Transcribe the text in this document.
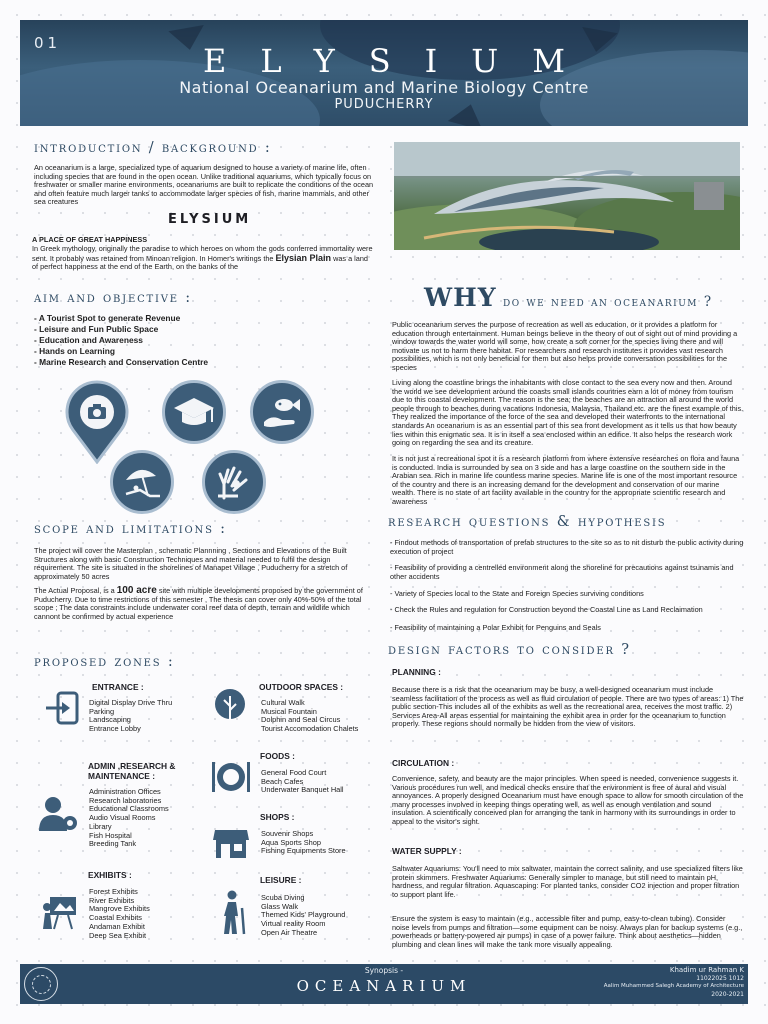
01	ELYSIUM
National Oceanarium and Marine Biology Centre
PUDUCHERRY
introduction / background :
An oceanarium is a large, specialized type of aquarium designed to house a variety of marine life, often including species that are found in the open ocean. Unlike traditional aquariums, which typically focus on freshwater or smaller marine environments, oceanariums are built to replicate the conditions of the ocean and often feature much larger tanks to accommodate larger species of fish, marine mammals, and other sea creatures
ELYSIUM
A PLACE OF GREAT HAPPINESS
In Greek mythology, originally the paradise to which heroes on whom the gods conferred immortality were sent. It probably was retained from Minoan religion. In Homer's writings the Elysian Plain was a land of perfect happiness at the end of the Earth, on the banks of the
aim and objective :
- A Tourist Spot to generate Revenue
- Leisure and Fun Public Space
- Education and Awareness
- Hands on Learning
- Marine Research and Conservation Centre
scope and limitations :
The project will cover the Masterplan , schematic Plannning , Sections and Elevations of the Built Structures along with basic Construction Techniques and material needed to fulfil the design requirement. The site is situated in the shorelines of Manapet Village , Puducherry for a stretch of approximately 50 acres
The Actual Proposal, is a 100 acre site with multiple developments proposed by the government of Puducherry. Due to time restrictions of this semester , The thesis can cover only 40%-50% of the total scope ; The data constraints include underwater coral reef data of depth, terrain and wildlife which cannont be confirmed by actual experience
proposed zones :
ENTRANCE :
Digital Display Drive Thru
Parking
Landscaping
Entrance Lobby
ADMIN ,RESEARCH &
MAINTENANCE :
Administration Offices
Research laboratories
Educational Classrooms
Audio Visual Rooms
Library
Fish Hospital
Breeding Tank
EXHIBITS :
Forest Exhibits
River Exhibits
Mangrove Exhibits
Coastal Exhibits
Andaman Exhibit
Deep Sea Exhibit
OUTDOOR SPACES :
Cultural Walk
Musical Fountain
Dolphin and Seal Circus
Tourist Accomodation Chalets
FOODS :
General Food Court
Beach Cafes
Underwater Banquet Hall
SHOPS :
Souvenir Shops
Aqua Sports Shop
Fishing Equipments Store
LEISURE :
Scuba Diving
Glass Walk
Themed Kids' Playground
Virtual reality Room
Open Air Theatre
WHY do we need an oceanarium ?
Public oceanarium serves the purpose of recreation as well as education, or it provides a platform for education through entertainment. Human beings believe in the theory of out of sight out of mind providing a window towards the water world will some, how create a soft corner for the species living there and will motivate us not to harm there habitat. For researchers and research institutes it provides vast research possibilities, which is not only beneficial for them but also helps provide conversation possibilities for the species
Living along the coastline brings the inhabitants with close contact to the sea every now and then. Around the world we see development around the coasts small islands countries earn a lot of money from tourism due to this coastal development. The reason is the sea; the beaches are an attraction all around the world people through to beaches during vacations Indonesia, Malaysia, Thailand etc. are the finest example of this. They realized the importance of the force of the sea and developed their waterfronts to the international standards An oceanarium is as an essential part of this sea front development as it tells us that how beauty lies within this enigmatic sea. It is in itself a sea enclosed within an edifice. It also helps the research work going on regarding the sea and its creature.
It is not just a recreational spot it is a research platform from where extensive researches on flora and fauna is conducted. India is surrounded by sea on 3 side and has a large coastline on the southern side in the Arabian sea. Rich in marine life countless marine species. Marine life is one of the most important resource of the country and there is an increasing demand for the development and conservation of our marine wealth. There is no state of art facility available in the country for the appropriate scientific research and awareness
research questions & hypothesis
- Findout methods of transportation of prefab structures to the site so as to nit disturb the public activity during execution of project
- Feasibility of providing a centrelled environment along the shoreline for precautions against tsunamis and other accidents
- Variety of Species local to the State and Foreign Species surviving conditions
- Check the Rules and regulation for Construction beyond the Coastal Line as Land Reclaimation
- Feasibility of maintaining a Polar Exhibit for Penguins and Seals
design factors to consider ?
PLANNING :
Because there is a risk that the oceanarium may be busy, a well-designed oceanarium must include seamless facilitation of the process as well as fluid circulation of people. There are two types of areas: 1) The public section-This includes all of the exhibits as well as the recreational area, receives the most traffic. 2) Services Area-All areas essential for maintaining the exhibit area in order for the oceanarium to function properly. These regions should normally be hidden from the view of visitors.
CIRCULATION :
Convenience, safety, and beauty are the major principles. When speed is needed, convenience suggests it. Various procedures run well, and medical checks ensure that the environment is free of aural and visual annoyances. A properly designed Oceanarium must have enough space to allow for smooth circulation of the many processes involved in keeping things operating well, as well as enough ventilation and sound insulation. A scientifically conceived plan for arranging the tank in harmony with its surroundings in order to appeal to the visitor's sight.
WATER SUPPLY :
Saltwater Aquariums: You'll need to mix saltwater, maintain the correct salinity, and use specialized filters like protein skimmers. Freshwater Aquariums: Generally simpler to manage, but still need to maintain pH, hardness, and regular filtration. Aquascaping: For planted tanks, consider CO2 injection and proper filtration to support plant life.
Ensure the system is easy to maintain (e.g., accessible filter and pump, easy-to-clean tubing). Consider noise levels from pumps and filtration—some equipment can be noisy. Always plan for backup systems (e.g., powerheads or battery-powered air pumps) in case of a power failure. Think about aesthetics—hidden plumbing and clean lines will make the tank more visually appealing.
Synopsis -
OCEANARIUM
Khadim ur Rahman K
11022025 1012
Aalim Muhammed Salegh Academy of Architecture
2020-2021
